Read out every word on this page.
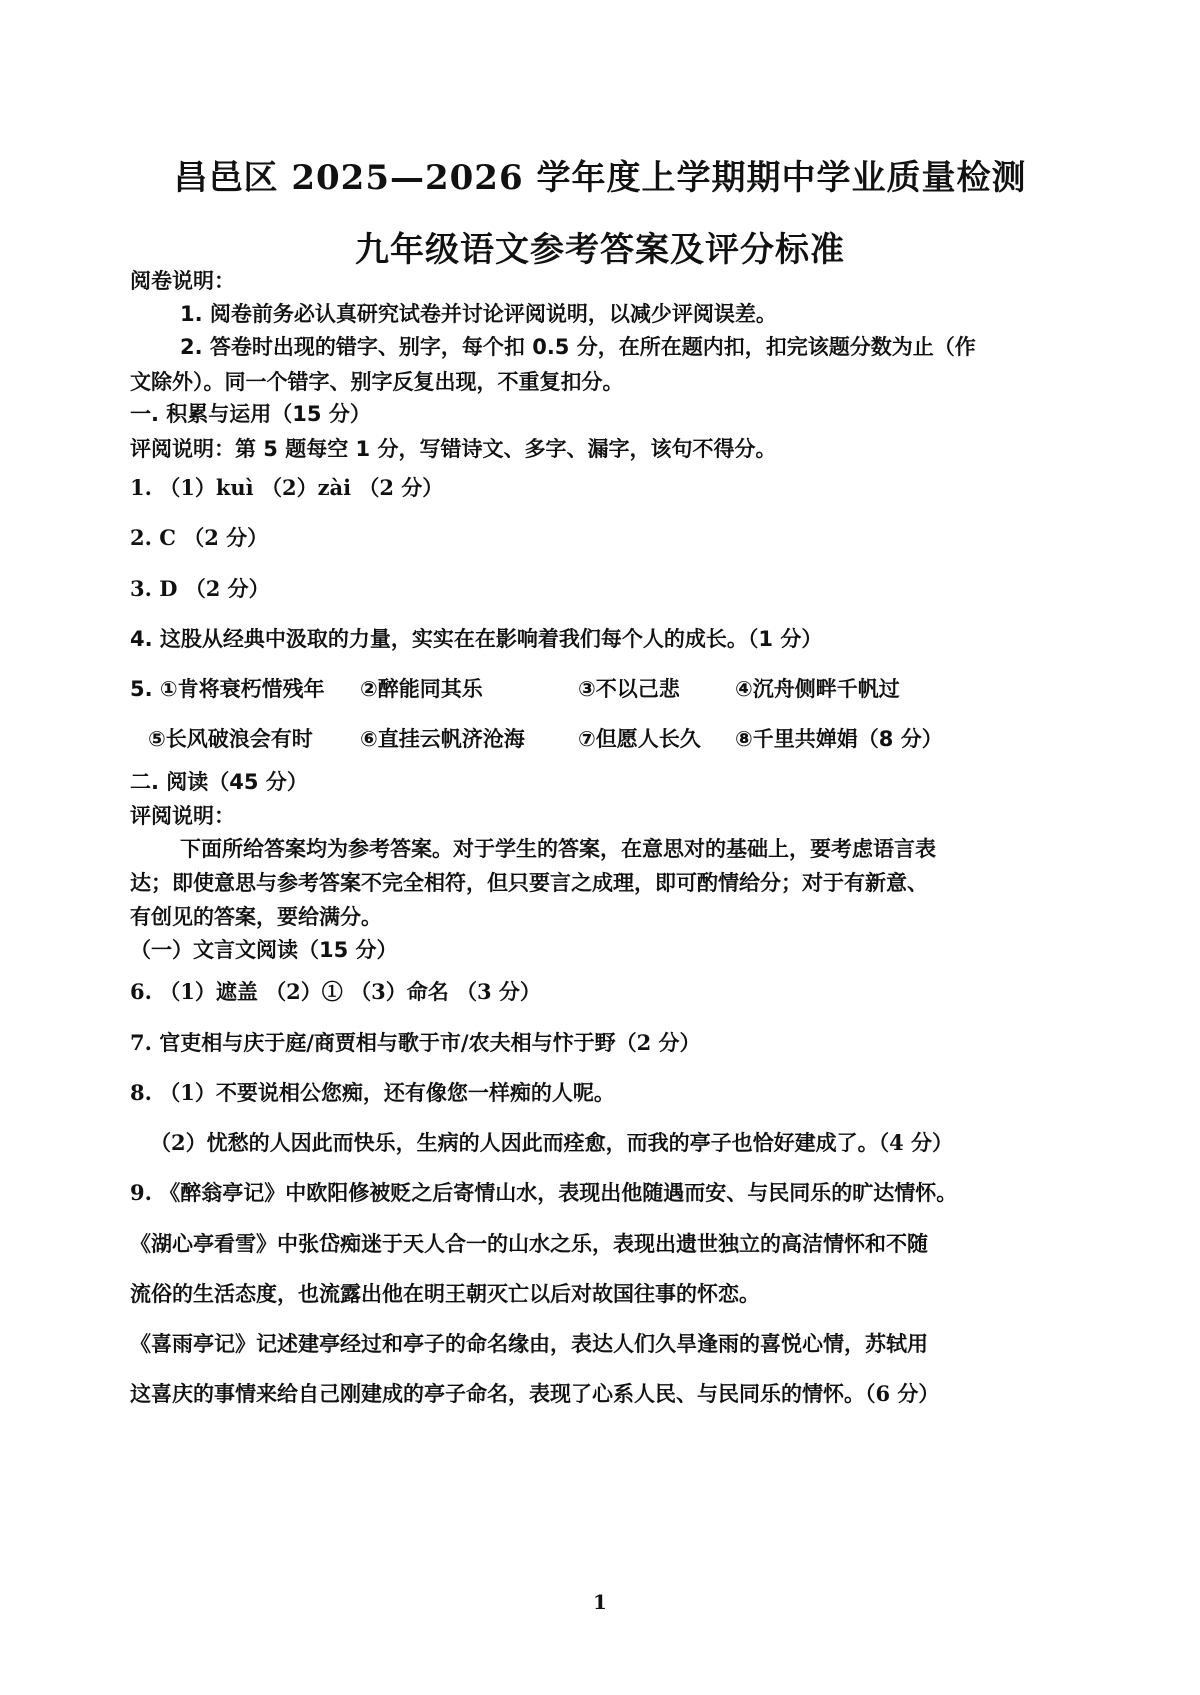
昌邑区 2025—2026 学年度上学期期中学业质量检测
九年级语文参考答案及评分标准
阅卷说明：
1. 阅卷前务必认真研究试卷并讨论评阅说明，以减少评阅误差。
2. 答卷时出现的错字、别字，每个扣 0.5 分，在所在题内扣，扣完该题分数为止（作
文除外）。同一个错字、别字反复出现，不重复扣分。
一. 积累与运用（15 分）
评阅说明：第 5 题每空 1 分，写错诗文、多字、漏字，该句不得分。
1. （1）kuì （2）zài （2 分）
2. C （2 分）
3. D （2 分）
4. 这股从经典中汲取的力量，实实在在影响着我们每个人的成长。（1 分）
5. ①肯将衰朽惜残年 ②醉能同其乐	③不以己悲	④沉舟侧畔千帆过
⑤长风破浪会有时 ⑥直挂云帆济沧海	⑦但愿人长久 ⑧千里共婵娟（8 分）
二. 阅读（45 分）
评阅说明：
下面所给答案均为参考答案。对于学生的答案，在意思对的基础上，要考虑语言表
达；即使意思与参考答案不完全相符，但只要言之成理，即可酌情给分；对于有新意、
有创见的答案，要给满分。
（一）文言文阅读（15 分）
6. （1）遮盖 （2）① （3）命名 （3 分）
7. 官吏相与庆于庭/商贾相与歌于市/农夫相与忭于野（2 分）
8. （1）不要说相公您痴，还有像您一样痴的人呢。
（2）忧愁的人因此而快乐，生病的人因此而痊愈，而我的亭子也恰好建成了。（4 分）
9. 《醉翁亭记》中欧阳修被贬之后寄情山水，表现出他随遇而安、与民同乐的旷达情怀。
《湖心亭看雪》中张岱痴迷于天人合一的山水之乐，表现出遗世独立的高洁情怀和不随
流俗的生活态度，也流露出他在明王朝灭亡以后对故国往事的怀恋。
《喜雨亭记》记述建亭经过和亭子的命名缘由，表达人们久旱逢雨的喜悦心情，苏轼用
这喜庆的事情来给自己刚建成的亭子命名，表现了心系人民、与民同乐的情怀。（6 分）
1
